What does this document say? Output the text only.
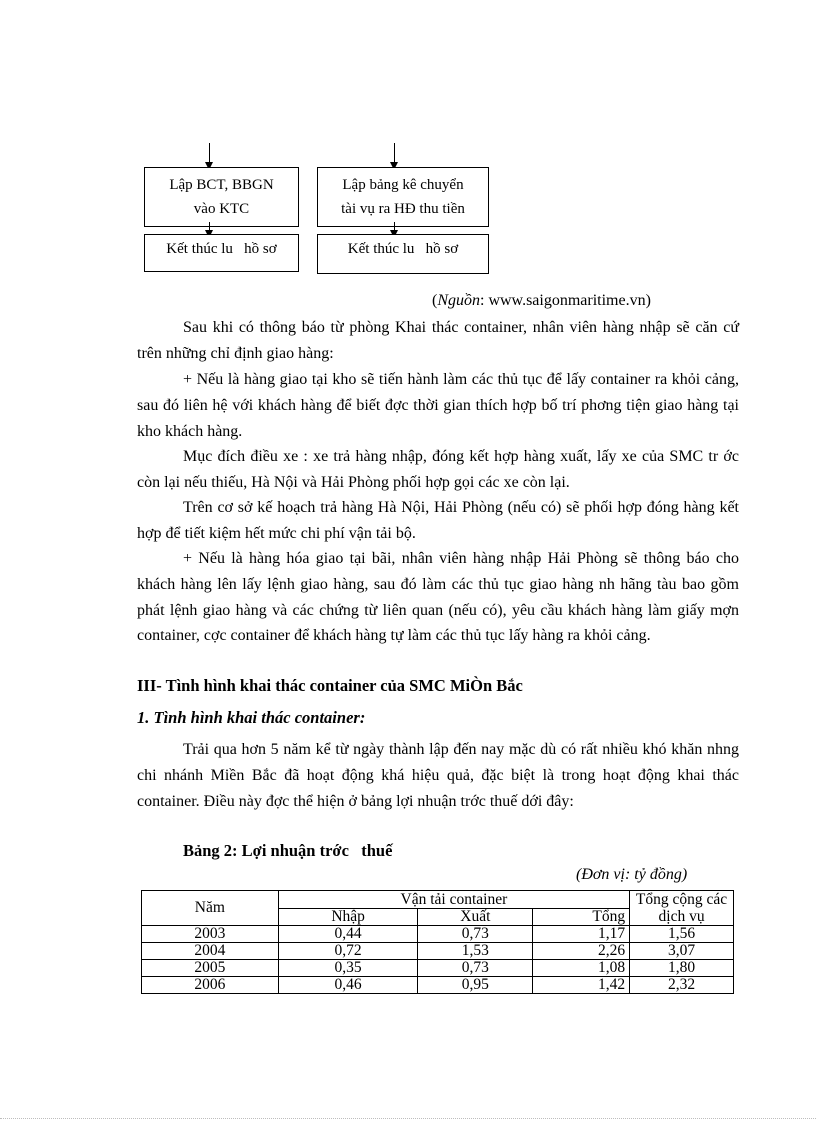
Lập BCT, BBGN
vào KTC
Lập bảng kê chuyển
tài vụ ra HĐ thu tiền
Kết thúc lu   hồ sơ	Kết thúc lu   hồ sơ
(Nguồn: www.saigonmaritime.vn)

Sau khi có thông báo từ phòng Khai thác container, nhân viên hàng nhập sẽ căn cứ trên những chỉ định giao hàng:

+ Nếu là hàng giao tại kho sẽ tiến hành làm các thủ tục để lấy container ra khỏi cảng, sau đó liên hệ với khách hàng để biết đợc thời gian thích hợp bố trí phơng tiện giao hàng tại kho khách hàng.

Mục đích điều xe : xe trả hàng nhập, đóng kết hợp hàng xuất, lấy xe của SMC tr ớc còn lại nếu thiếu, Hà Nội và Hải Phòng phối hợp gọi các xe còn lại.

Trên cơ sở kế hoạch trả hàng Hà Nội, Hải Phòng (nếu có) sẽ phối hợp đóng hàng kết hợp để tiết kiệm hết mức chi phí vận tải bộ.

+ Nếu là hàng hóa giao tại bãi, nhân viên hàng nhập Hải Phòng sẽ thông báo cho khách hàng lên lấy lệnh giao hàng, sau đó làm các thủ tục giao hàng nh hãng tàu bao gồm phát lệnh giao hàng và các chứng từ liên quan (nếu có), yêu cầu khách hàng làm giấy mợn container, cợc container để khách hàng tự làm các thủ tục lấy hàng ra khỏi cảng.

III- Tình hình khai thác container của SMC MiÒn Bắc
1. Tình hình khai thác container:

Trải qua hơn 5 năm kể từ ngày thành lập đến nay mặc dù có rất nhiều khó khăn nhng chi nhánh Miền Bắc đã hoạt động khá hiệu quả, đặc biệt là trong hoạt động khai thác container. Điều này đợc thể hiện ở bảng lợi nhuận trớc thuế dới đây:

Bảng 2: Lợi nhuận trớc   thuế
(Đơn vị: tỷ đồng)
Năm	Vận tải container			Tổng cộng các dịch vụ
	Nhập	Xuất	Tổng	
2003	0,44	0,73	1,17	1,56
2004	0,72	1,53	2,26	3,07
2005	0,35	0,73	1,08	1,80
2006	0,46	0,95	1,42	2,32
